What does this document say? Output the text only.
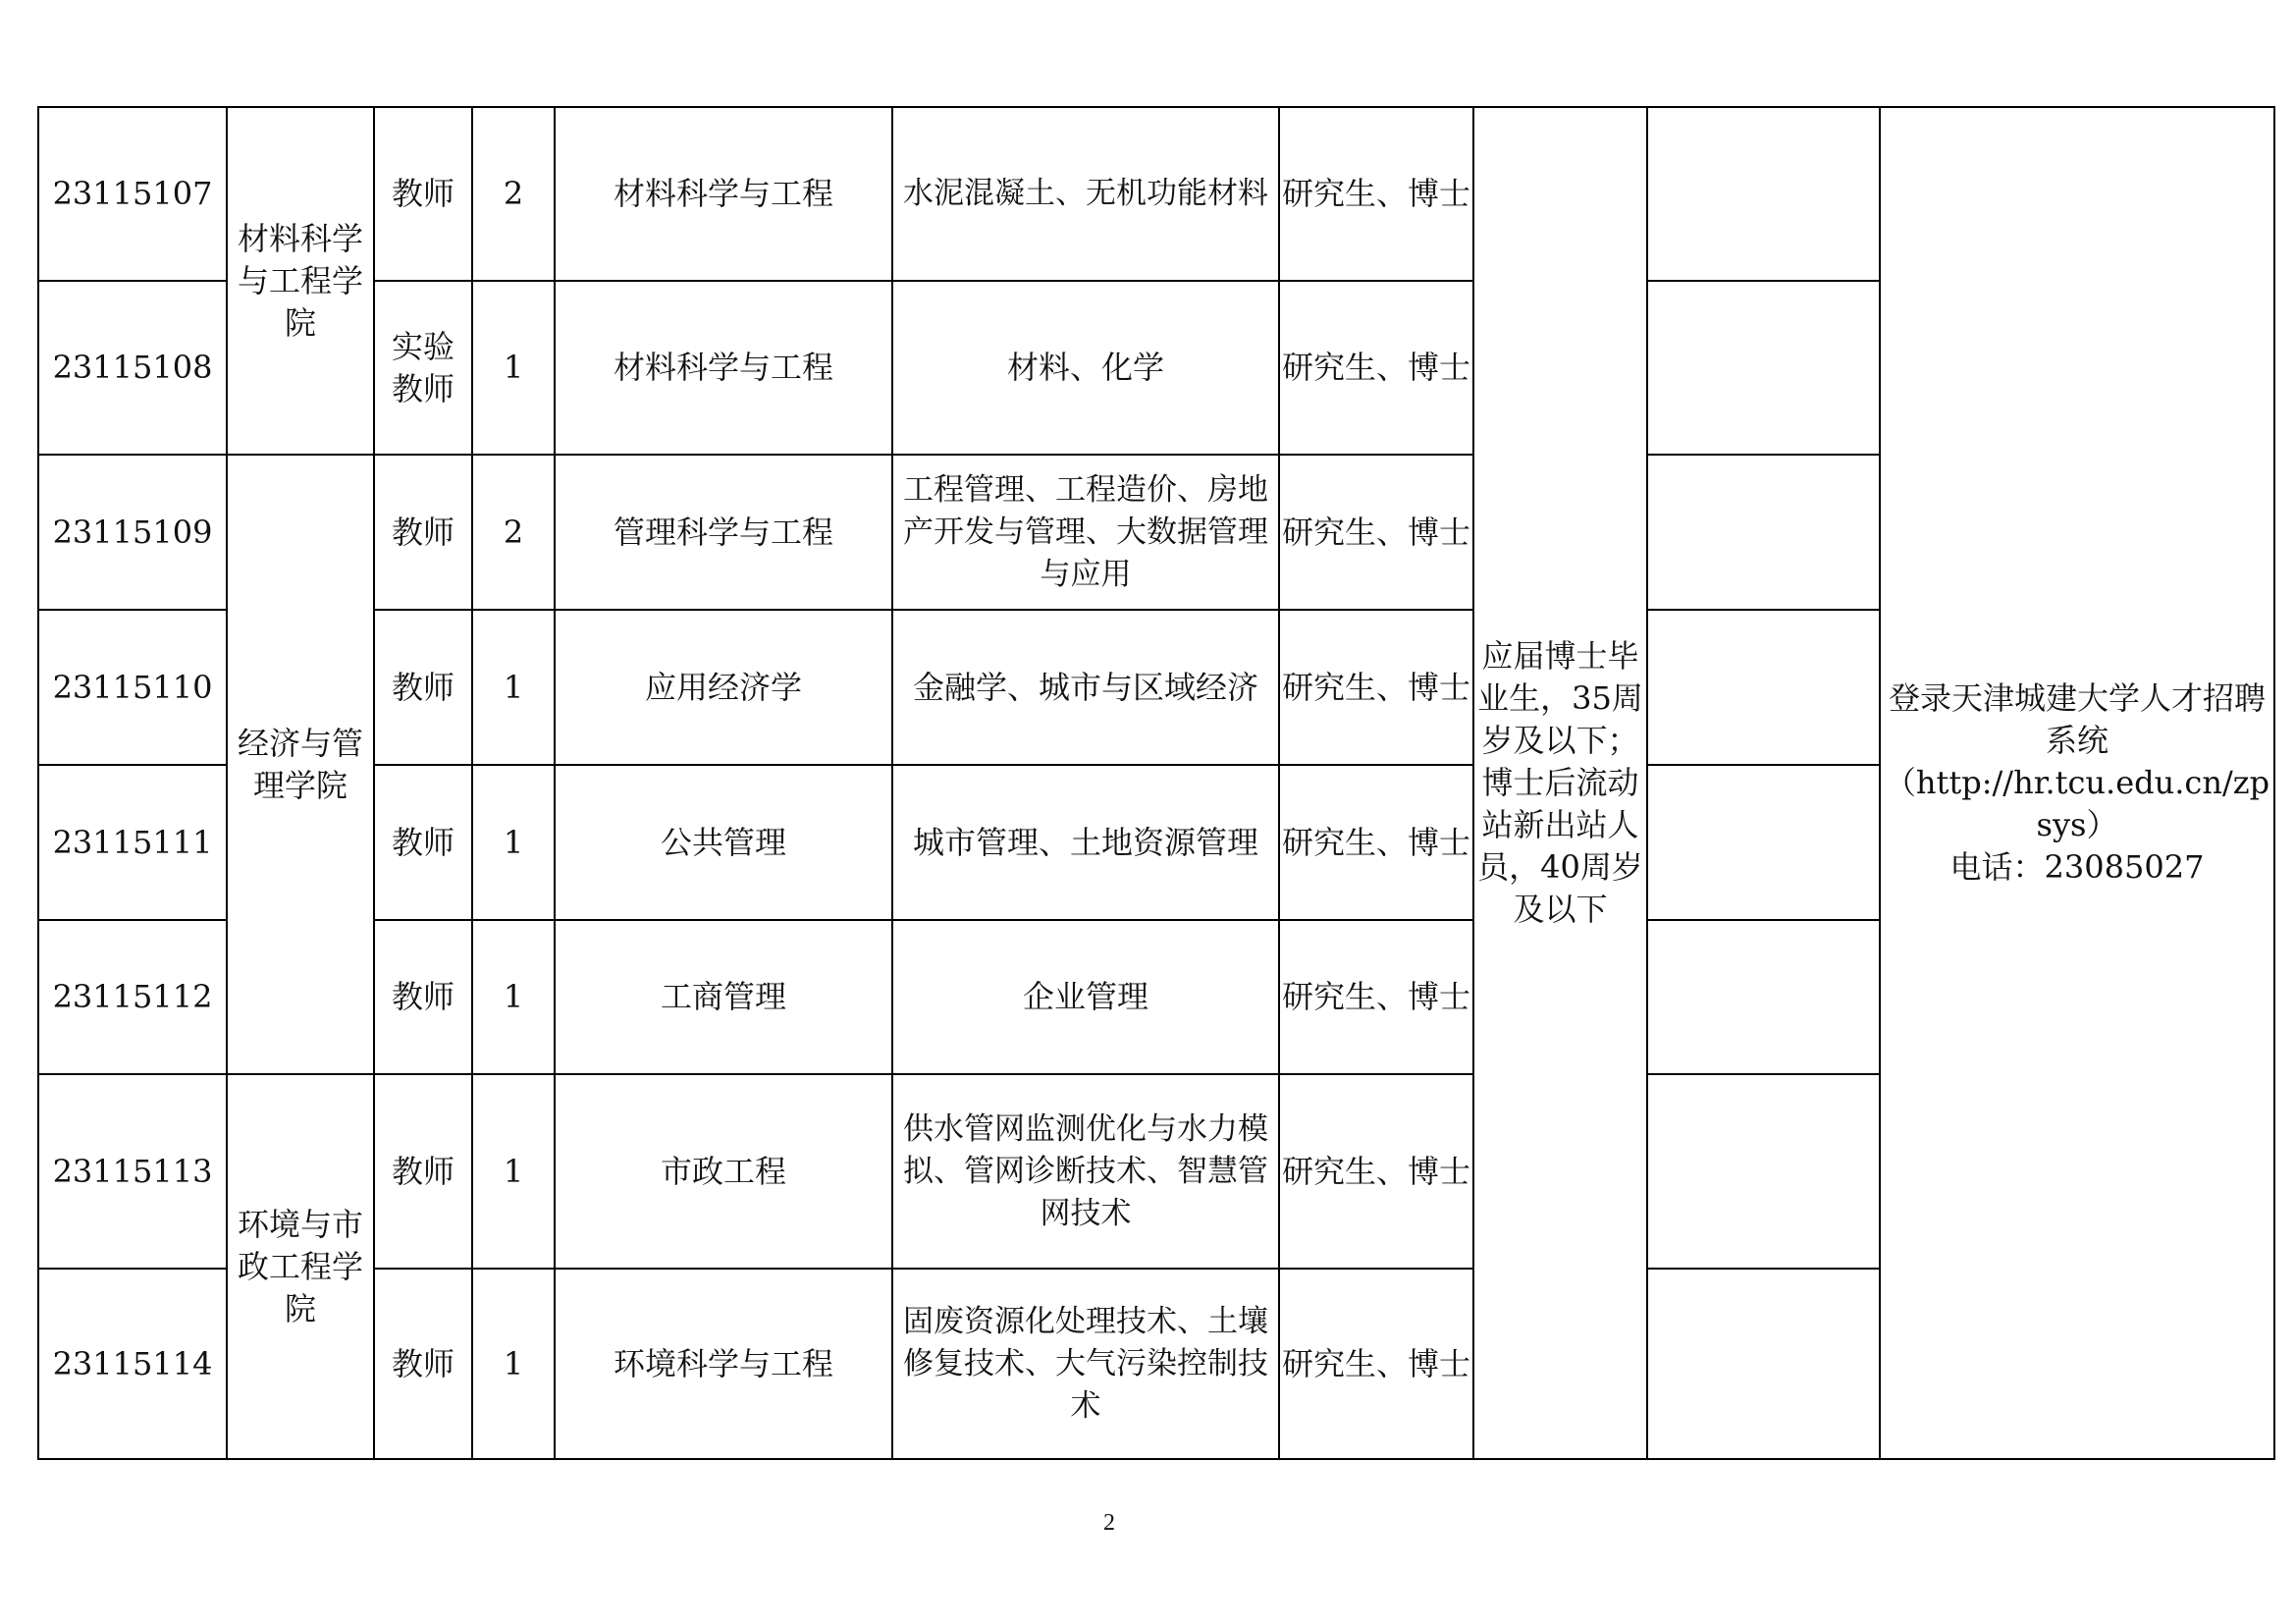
23115107	材料科学与工程学院	教师	2	材料科学与工程	水泥混凝土、无机功能材料	研究生、博士	应届博士毕业生，35周岁及以下；博士后流动站新出站人员，40周岁及以下		登录天津城建大学人才招聘系统
（http://hr.tcu.edu.cn/zpsys）
电话：23085027

23115108		实验教师	1	材料科学与工程	材料、化学	研究生、博士			
23115109	经济与管理学院	教师	2	管理科学与工程	工程管理、工程造价、房地产开发与管理、大数据管理与应用	研究生、博士			
23115110		教师	1	应用经济学	金融学、城市与区域经济	研究生、博士			
23115111		教师	1	公共管理	城市管理、土地资源管理	研究生、博士			
23115112		教师	1	工商管理	企业管理	研究生、博士			
23115113	环境与市政工程学院	教师	1	市政工程	供水管网监测优化与水力模拟、管网诊断技术、智慧管网技术	研究生、博士			
23115114		教师	1	环境科学与工程	固废资源化处理技术、土壤修复技术、大气污染控制技术	研究生、博士			
2
